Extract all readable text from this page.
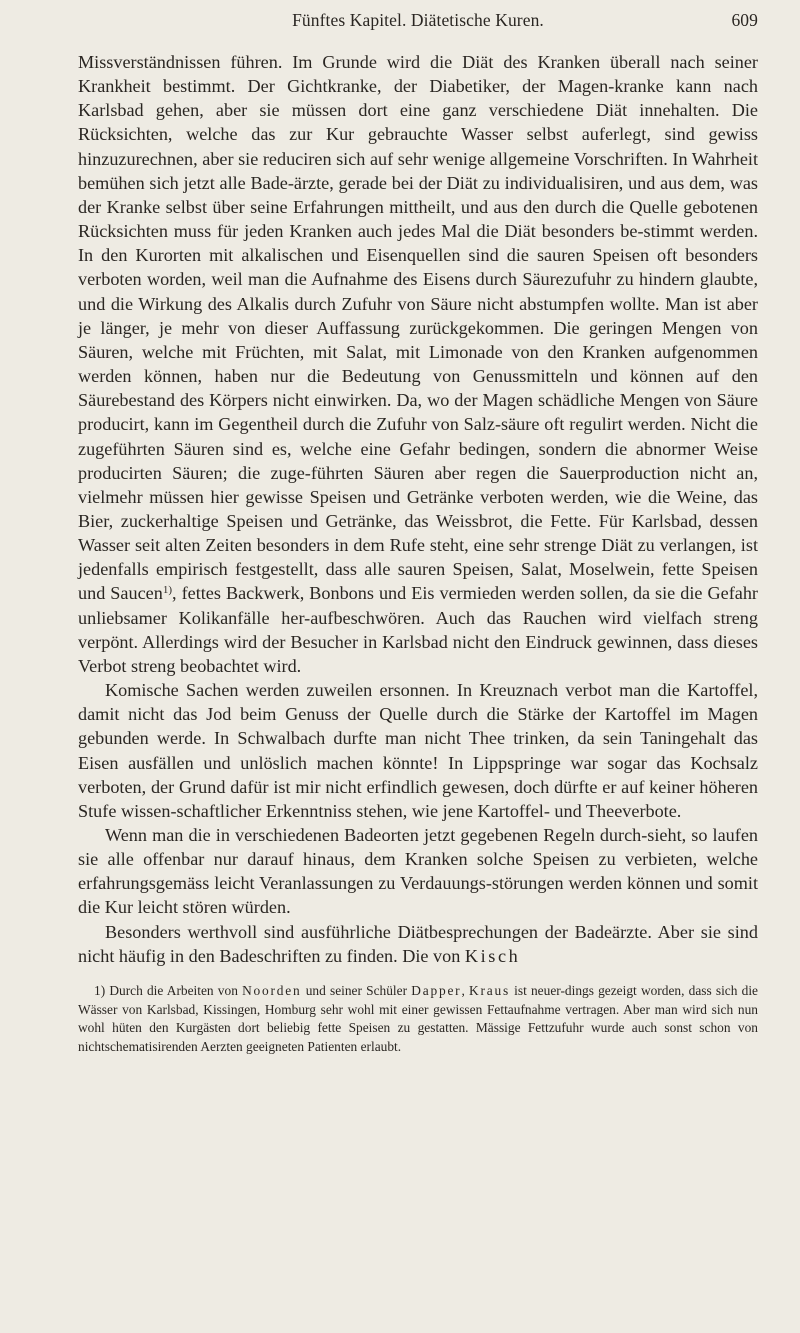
Fünftes Kapitel. Diätetische Kuren.	609

Missverständnissen führen. Im Grunde wird die Diät des Kranken überall nach seiner Krankheit bestimmt. Der Gichtkranke, der Diabetiker, der Magen-kranke kann nach Karlsbad gehen, aber sie müssen dort eine ganz verschiedene Diät innehalten. Die Rücksichten, welche das zur Kur gebrauchte Wasser selbst auferlegt, sind gewiss hinzuzurechnen, aber sie reduciren sich auf sehr wenige allgemeine Vorschriften. In Wahrheit bemühen sich jetzt alle Bade-ärzte, gerade bei der Diät zu individualisiren, und aus dem, was der Kranke selbst über seine Erfahrungen mittheilt, und aus den durch die Quelle gebotenen Rücksichten muss für jeden Kranken auch jedes Mal die Diät besonders be-stimmt werden. In den Kurorten mit alkalischen und Eisenquellen sind die sauren Speisen oft besonders verboten worden, weil man die Aufnahme des Eisens durch Säurezufuhr zu hindern glaubte, und die Wirkung des Alkalis durch Zufuhr von Säure nicht abstumpfen wollte. Man ist aber je länger, je mehr von dieser Auffassung zurückgekommen. Die geringen Mengen von Säuren, welche mit Früchten, mit Salat, mit Limonade von den Kranken aufgenommen werden können, haben nur die Bedeutung von Genussmitteln und können auf den Säurebestand des Körpers nicht einwirken. Da, wo der Magen schädliche Mengen von Säure producirt, kann im Gegentheil durch die Zufuhr von Salz-säure oft regulirt werden. Nicht die zugeführten Säuren sind es, welche eine Gefahr bedingen, sondern die abnormer Weise producirten Säuren; die zuge-führten Säuren aber regen die Sauerproduction nicht an, vielmehr müssen hier gewisse Speisen und Getränke verboten werden, wie die Weine, das Bier, zuckerhaltige Speisen und Getränke, das Weissbrot, die Fette. Für Karlsbad, dessen Wasser seit alten Zeiten besonders in dem Rufe steht, eine sehr strenge Diät zu verlangen, ist jedenfalls empirisch festgestellt, dass alle sauren Speisen, Salat, Moselwein, fette Speisen und Saucen$^{1)}$, fettes Backwerk, Bonbons und Eis vermieden werden sollen, da sie die Gefahr unliebsamer Kolikanfälle her-aufbeschwören. Auch das Rauchen wird vielfach streng verpönt. Allerdings wird der Besucher in Karlsbad nicht den Eindruck gewinnen, dass dieses Verbot streng beobachtet wird.

Komische Sachen werden zuweilen ersonnen. In Kreuznach verbot man die Kartoffel, damit nicht das Jod beim Genuss der Quelle durch die Stärke der Kartoffel im Magen gebunden werde. In Schwalbach durfte man nicht Thee trinken, da sein Taningehalt das Eisen ausfällen und unlöslich machen könnte! In Lippspringe war sogar das Kochsalz verboten, der Grund dafür ist mir nicht erfindlich gewesen, doch dürfte er auf keiner höheren Stufe wissen-schaftlicher Erkenntniss stehen, wie jene Kartoffel- und Theeverbote.

Wenn man die in verschiedenen Badeorten jetzt gegebenen Regeln durch-sieht, so laufen sie alle offenbar nur darauf hinaus, dem Kranken solche Speisen zu verbieten, welche erfahrungsgemäss leicht Veranlassungen zu Verdauungs-störungen werden können und somit die Kur leicht stören würden.

Besonders werthvoll sind ausführliche Diätbesprechungen der Badeärzte. Aber sie sind nicht häufig in den Badeschriften zu finden. Die von Kisch

1) Durch die Arbeiten von Noorden und seiner Schüler Dapper, Kraus ist neuer-dings gezeigt worden, dass sich die Wässer von Karlsbad, Kissingen, Homburg sehr wohl mit einer gewissen Fettaufnahme vertragen. Aber man wird sich nun wohl hüten den Kurgästen dort beliebig fette Speisen zu gestatten. Mässige Fettzufuhr wurde auch sonst schon von nichtschematisirenden Aerzten geeigneten Patienten erlaubt.
